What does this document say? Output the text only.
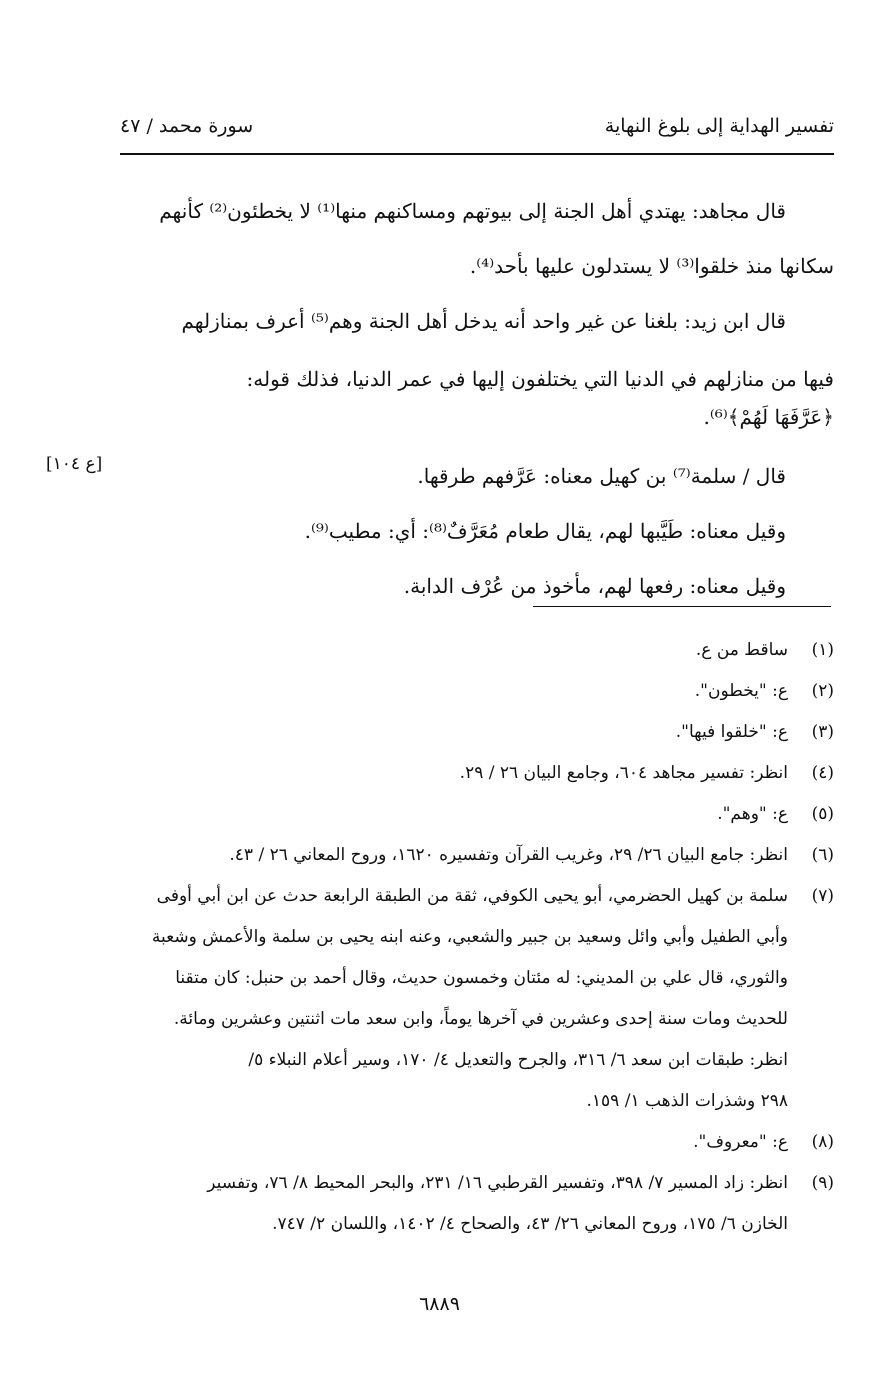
تفسير الهداية إلى بلوغ النهاية
سورة محمد / ٤٧

قال مجاهد: يهتدي أهل الجنة إلى بيوتهم ومساكنهم منها⁽¹⁾ لا يخطئون⁽²⁾ كأنهم

سكانها منذ خلقوا⁽³⁾ لا يستدلون عليها بأحد⁽⁴⁾.

قال ابن زيد: بلغنا عن غير واحد أنه يدخل أهل الجنة وهم⁽⁵⁾ أعرف بمنازلهم

فيها من منازلهم في الدنيا التي يختلفون إليها في عمر الدنيا، فذلك قوله:

﴿عَرَّفَهَا لَهُمْ﴾⁽⁶⁾.

قال / سلمة⁽⁷⁾ بن كهيل معناه: عَرَّفهم طرقها.

وقيل معناه: طَيَّبها لهم، يقال طعام مُعَرَّفٌ⁽⁸⁾: أي: مطيب⁽⁹⁾.

وقيل معناه: رفعها لهم، مأخوذ من عُرْف الدابة.

[ع ١٠٤]
(١)
ساقط من ع.
(٢)
ع: "يخطون".
(٣)
ع: "خلقوا فيها".
(٤)
انظر: تفسير مجاهد ٦٠٤، وجامع البيان ٢٦ / ٢٩.
(٥)
ع: "وهم".
(٦)
انظر: جامع البيان ٢٦/ ٢٩، وغريب القرآن وتفسيره ١٦٢٠، وروح المعاني ٢٦ / ٤٣.
(٧)
سلمة بن كهيل الحضرمي، أبو يحيى الكوفي، ثقة من الطبقة الرابعة حدث عن ابن أبي أوفى
وأبي الطفيل وأبي وائل وسعيد بن جبير والشعبي، وعنه ابنه يحيى بن سلمة والأعمش وشعبة
والثوري، قال علي بن المديني: له مئتان وخمسون حديث، وقال أحمد بن حنبل: كان متقنا
للحديث ومات سنة إحدى وعشرين في آخرها يوماً، وابن سعد مات اثنتين وعشرين ومائة.
انظر: طبقات ابن سعد ٦/ ٣١٦، والجرح والتعديل ٤/ ١٧٠، وسير أعلام النبلاء ٥/
٢٩٨ وشذرات الذهب ١/ ١٥٩.
(٨)
ع: "معروف".
(٩)
انظر: زاد المسير ٧/ ٣٩٨، وتفسير القرطبي ١٦/ ٢٣١، والبحر المحيط ٨/ ٧٦، وتفسير
الخازن ٦/ ١٧٥، وروح المعاني ٢٦/ ٤٣، والصحاح ٤/ ١٤٠٢، واللسان ٢/ ٧٤٧.
٦٨٨٩
